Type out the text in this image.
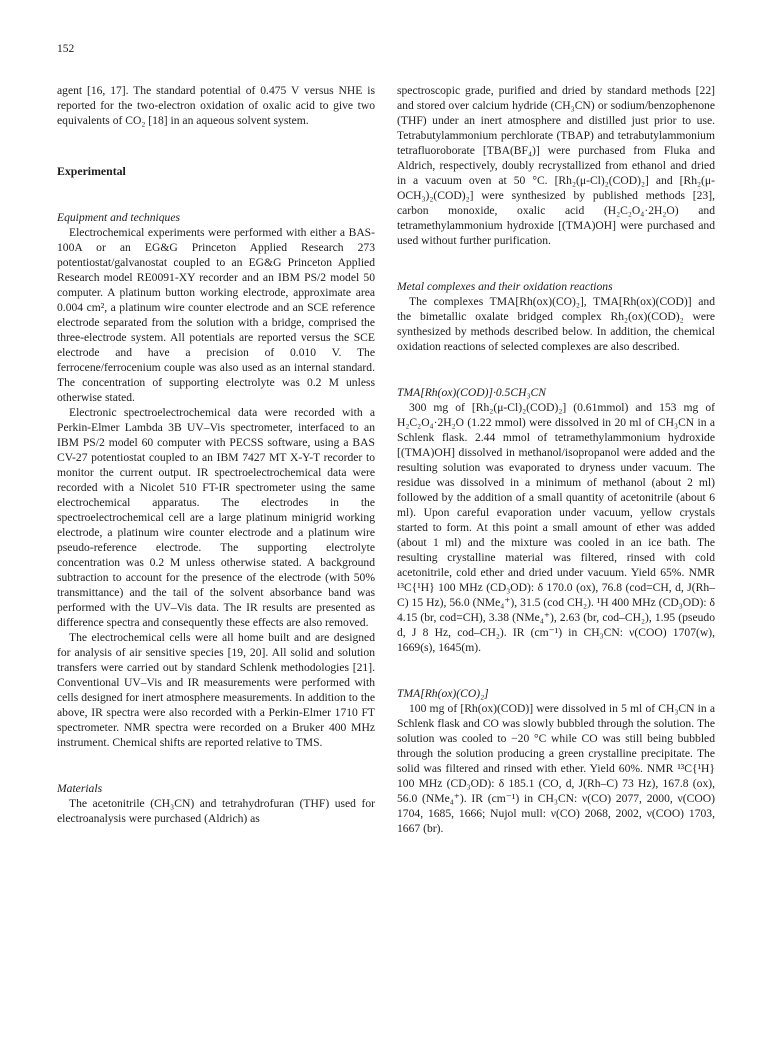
152

agent [16, 17]. The standard potential of 0.475 V versus NHE is reported for the two-electron oxidation of oxalic acid to give two equivalents of CO₂ [18] in an aqueous solvent system.

Experimental
Equipment and techniques

Electrochemical experiments were performed with either a BAS-100A or an EG&G Princeton Applied Research 273 potentiostat/galvanostat coupled to an EG&G Princeton Applied Research model RE0091-XY recorder and an IBM PS/2 model 50 computer. A platinum button working electrode, approximate area 0.004 cm², a platinum wire counter electrode and an SCE reference electrode separated from the solution with a bridge, comprised the three-electrode system. All potentials are reported versus the SCE electrode and have a precision of 0.010 V. The ferrocene/ferrocenium couple was also used as an internal standard. The concentration of supporting electrolyte was 0.2 M unless otherwise stated.

Electronic spectroelectrochemical data were recorded with a Perkin-Elmer Lambda 3B UV–Vis spectrometer, interfaced to an IBM PS/2 model 60 computer with PECSS software, using a BAS CV-27 potentiostat coupled to an IBM 7427 MT X-Y-T recorder to monitor the current output. IR spectroelectrochemical data were recorded with a Nicolet 510 FT-IR spectrometer using the same electrochemical apparatus. The electrodes in the spectroelectrochemical cell are a large platinum minigrid working electrode, a platinum wire counter electrode and a platinum wire pseudo-reference electrode. The supporting electrolyte concentration was 0.2 M unless otherwise stated. A background subtraction to account for the presence of the electrode (with 50% transmittance) and the tail of the solvent absorbance band was performed with the UV–Vis data. The IR results are presented as difference spectra and consequently these effects are also removed.

The electrochemical cells were all home built and are designed for analysis of air sensitive species [19, 20]. All solid and solution transfers were carried out by standard Schlenk methodologies [21]. Conventional UV–Vis and IR measurements were performed with cells designed for inert atmosphere measurements. In addition to the above, IR spectra were also recorded with a Perkin-Elmer 1710 FT spectrometer. NMR spectra were recorded on a Bruker 400 MHz instrument. Chemical shifts are reported relative to TMS.

Materials

The acetonitrile (CH₃CN) and tetrahydrofuran (THF) used for electroanalysis were purchased (Aldrich) as

spectroscopic grade, purified and dried by standard methods [22] and stored over calcium hydride (CH₃CN) or sodium/benzophenone (THF) under an inert atmosphere and distilled just prior to use. Tetrabutylammonium perchlorate (TBAP) and tetrabutylammonium tetrafluoroborate [TBA(BF₄)] were purchased from Fluka and Aldrich, respectively, doubly recrystallized from ethanol and dried in a vacuum oven at 50 °C. [Rh₂(μ-Cl)₂(COD)₂] and [Rh₂(μ-OCH₃)₂(COD)₂] were synthesized by published methods [23], carbon monoxide, oxalic acid (H₂C₂O₄·2H₂O) and tetramethylammonium hydroxide [(TMA)OH] were purchased and used without further purification.

Metal complexes and their oxidation reactions

The complexes TMA[Rh(ox)(CO)₂], TMA[Rh(ox)(COD)] and the bimetallic oxalate bridged complex Rh₂(ox)(COD)₂ were synthesized by methods described below. In addition, the chemical oxidation reactions of selected complexes are also described.

TMA[Rh(ox)(COD)]·0.5CH₃CN

300 mg of [Rh₂(μ-Cl)₂(COD)₂] (0.61mmol) and 153 mg of H₂C₂O₄·2H₂O (1.22 mmol) were dissolved in 20 ml of CH₃CN in a Schlenk flask. 2.44 mmol of tetramethylammonium hydroxide [(TMA)OH] dissolved in methanol/isopropanol were added and the resulting solution was evaporated to dryness under vacuum. The residue was dissolved in a minimum of methanol (about 2 ml) followed by the addition of a small quantity of acetonitrile (about 6 ml). Upon careful evaporation under vacuum, yellow crystals started to form. At this point a small amount of ether was added (about 1 ml) and the mixture was cooled in an ice bath. The resulting crystalline material was filtered, rinsed with cold acetonitrile, cold ether and dried under vacuum. Yield 65%. NMR ¹³C{¹H} 100 MHz (CD₃OD): δ 170.0 (ox), 76.8 (cod=CH, d, J(Rh–C) 15 Hz), 56.0 (NMe₄⁺), 31.5 (cod CH₂). ¹H 400 MHz (CD₃OD): δ 4.15 (br, cod=CH), 3.38 (NMe₄⁺), 2.63 (br, cod–CH₂), 1.95 (pseudo d, J 8 Hz, cod–CH₂). IR (cm⁻¹) in CH₃CN: ν(COO) 1707(w), 1669(s), 1645(m).

TMA[Rh(ox)(CO)₂]

100 mg of [Rh(ox)(COD)] were dissolved in 5 ml of CH₃CN in a Schlenk flask and CO was slowly bubbled through the solution. The solution was cooled to −20 °C while CO was still being bubbled through the solution producing a green crystalline precipitate. The solid was filtered and rinsed with ether. Yield 60%. NMR ¹³C{¹H} 100 MHz (CD₃OD): δ 185.1 (CO, d, J(Rh–C) 73 Hz), 167.8 (ox), 56.0 (NMe₄⁺). IR (cm⁻¹) in CH₃CN: ν(CO) 2077, 2000, ν(COO) 1704, 1685, 1666; Nujol mull: ν(CO) 2068, 2002, ν(COO) 1703, 1667 (br).
